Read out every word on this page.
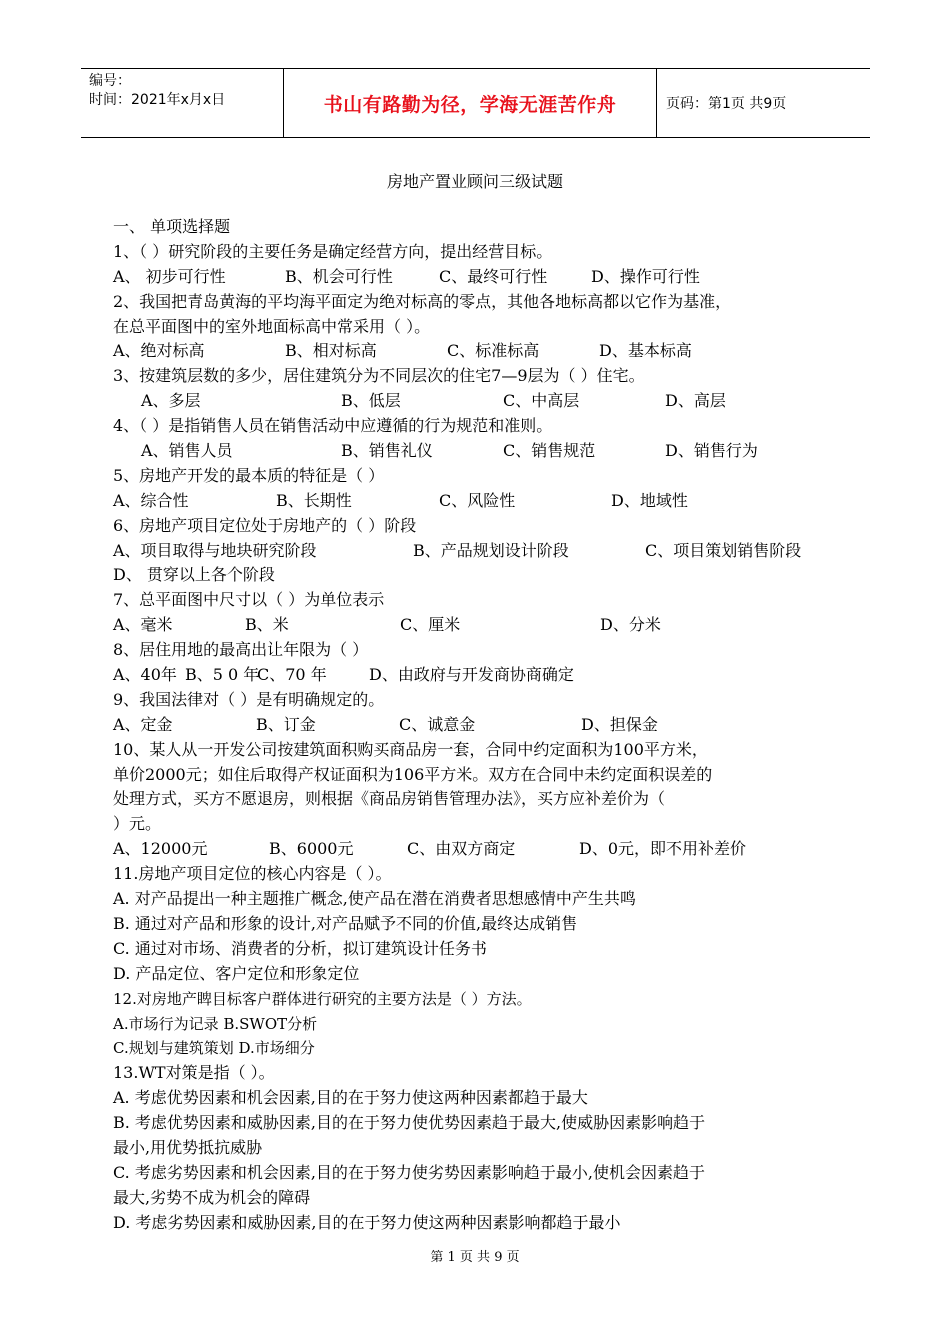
编号：
时间：2021年x月x日	书山有路勤为径，学海无涯苦作舟	页码：第1页 共9页
房地产置业顾问三级试题
一、 单项选择题
1、（ ）研究阶段的主要任务是确定经营方向，提出经营目标。
A、 初步可行性	B、机会可行性	C、最终可行性	D、操作可行性
2、我国把青岛黄海的平均海平面定为绝对标高的零点，其他各地标高都以它作为基准，
在总平面图中的室外地面标高中常采用（ ）。
A、绝对标高	B、相对标高	C、标准标高	D、基本标高
3、按建筑层数的多少，居住建筑分为不同层次的住宅7—9层为（ ）住宅。
A、多层	B、低层	C、中高层	D、高层
4、（ ）是指销售人员在销售活动中应遵循的行为规范和准则。
A、销售人员	B、销售礼仪	C、销售规范	D、销售行为
5、房地产开发的最本质的特征是（ ）
A、综合性	B、长期性	C、风险性	D、地域性
6、房地产项目定位处于房地产的（ ）阶段
A、项目取得与地块研究阶段	B、产品规划设计阶段	C、项目策划销售阶段
D、 贯穿以上各个阶段
7、总平面图中尺寸以（ ）为单位表示
A、毫米	B、米	C、厘米	D、分米
8、居住用地的最高出让年限为（ ）
A、40年 B、5 0 年C、70 年	D、由政府与开发商协商确定
9、我国法律对（ ）是有明确规定的。
A、定金	B、订金	C、诚意金	D、担保金
10、某人从一开发公司按建筑面积购买商品房一套，合同中约定面积为100平方米，
单价2000元；如住后取得产权证面积为106平方米。双方在合同中未约定面积误差的
处理方式，买方不愿退房，则根据《商品房销售管理办法》，买方应补差价为（
）元。
A、12000元	B、6000元	C、由双方商定	D、0元，即不用补差价
11.房地产项目定位的核心内容是（ ）。
A. 对产品提出一种主题推广概念,使产品在潜在消费者思想感情中产生共鸣
B. 通过对产品和形象的设计,对产品赋予不同的价值,最终达成销售
C. 通过对市场、消费者的分析，拟订建筑设计任务书
D. 产品定位、客户定位和形象定位
12.对房地产睥目标客户群体进行研究的主要方法是（ ）方法。
A.市场行为记录 B.SWOT分析
C.规划与建筑策划 D.市场细分
13.WT对策是指（ ）。
A. 考虑优势因素和机会因素,目的在于努力使这两种因素都趋于最大
B. 考虑优势因素和威胁因素,目的在于努力使优势因素趋于最大,使威胁因素影响趋于
最小,用优势抵抗威胁
C. 考虑劣势因素和机会因素,目的在于努力使劣势因素影响趋于最小,使机会因素趋于
最大,劣势不成为机会的障碍
D. 考虑劣势因素和威胁因素,目的在于努力使这两种因素影响都趋于最小
第 1 页 共 9 页
